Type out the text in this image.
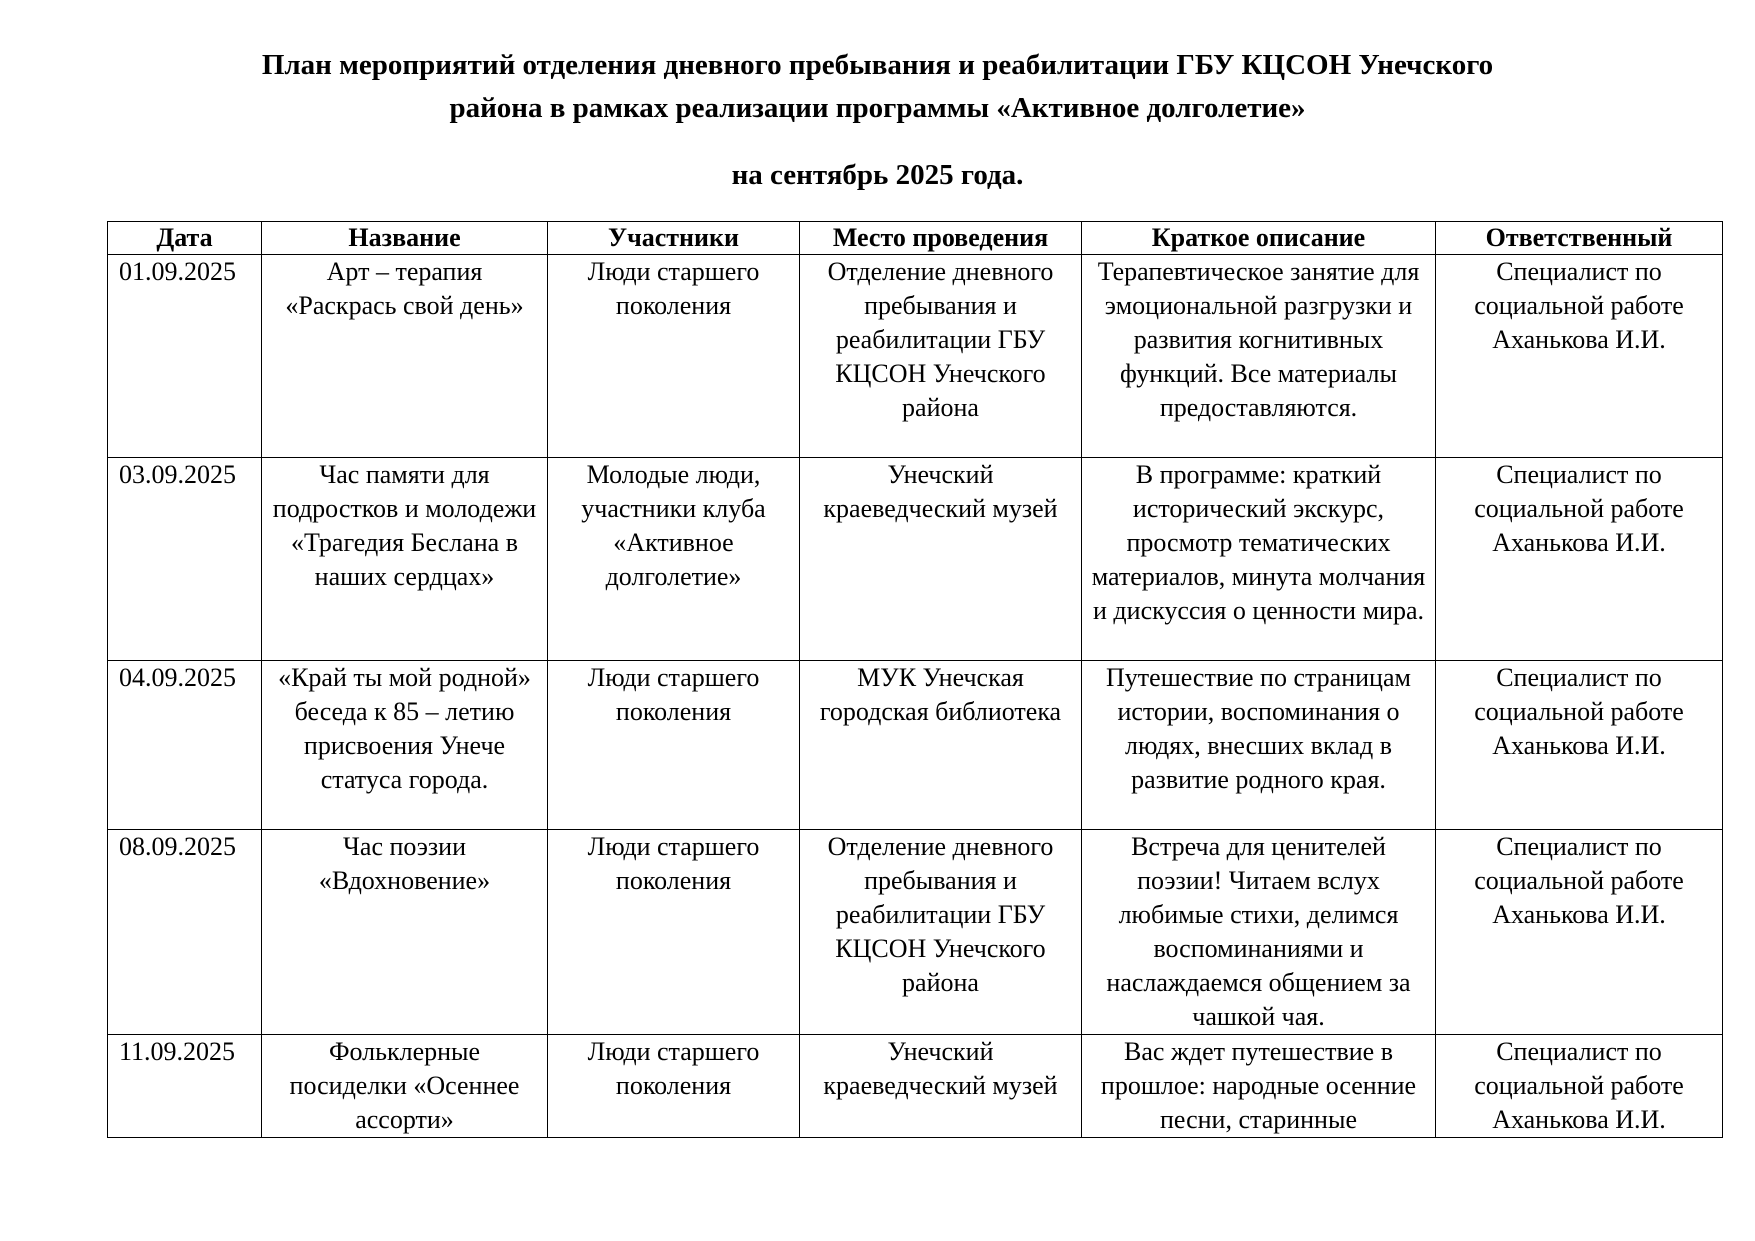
План мероприятий отделения дневного пребывания и реабилитации ГБУ КЦСОН Унечского
района в рамках реализации программы «Активное долголетие»
на сентябрь 2025 года.
Дата	Название	Участники	Место проведения	Краткое описание	Ответственный
01.09.2025	Арт – терапия «Раскрась свой день»	Люди старшего поколения	Отделение дневного пребывания и реабилитации ГБУ КЦСОН Унечского района	Терапевтическое занятие для эмоциональной разгрузки и развития когнитивных функций. Все материалы предоставляются.	Специалист по социальной работе Аханькова И.И.
03.09.2025	Час памяти для подростков и молодежи «Трагедия Беслана в наших сердцах»	Молодые люди, участники клуба «Активное долголетие»	Унечский краеведческий музей	В программе: краткий исторический экскурс, просмотр тематических материалов, минута молчания и дискуссия о ценности мира.	Специалист по социальной работе Аханькова И.И.
04.09.2025	«Край ты мой родной» беседа к 85 – летию присвоения Унече статуса города.	Люди старшего поколения	МУК Унечская городская библиотека	Путешествие по страницам истории, воспоминания о людях, внесших вклад в развитие родного края.	Специалист по социальной работе Аханькова И.И.
08.09.2025	Час поэзии «Вдохновение»	Люди старшего поколения	Отделение дневного пребывания и реабилитации ГБУ КЦСОН Унечского района	Встреча для ценителей поэзии! Читаем вслух любимые стихи, делимся воспоминаниями и наслаждаемся общением за чашкой чая.	Специалист по социальной работе Аханькова И.И.
11.09.2025	Фольклерные посиделки «Осеннее ассорти»	Люди старшего поколения	Унечский краеведческий музей	Вас ждет путешествие в прошлое: народные осенние песни, старинные	Специалист по социальной работе Аханькова И.И.
